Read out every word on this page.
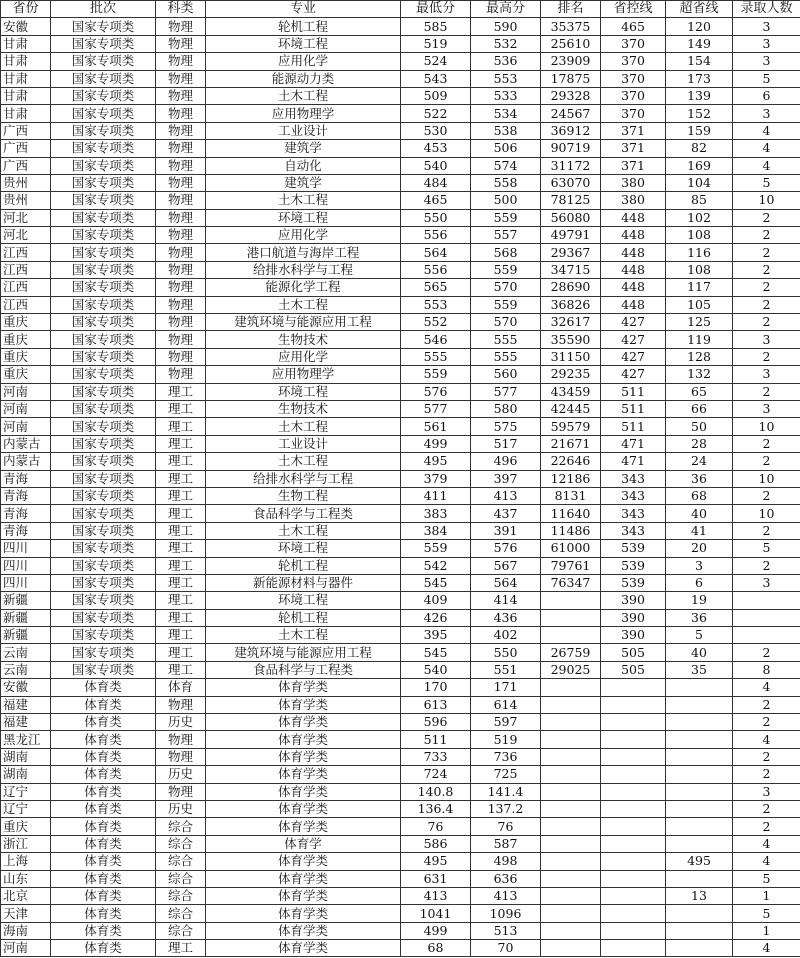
省份	批次	科类	专业	最低分	最高分	排名	省控线	超省线	录取人数
安徽	国家专项类	物理	轮机工程	585	590	35375	465	120	3
甘肃	国家专项类	物理	环境工程	519	532	25610	370	149	3
甘肃	国家专项类	物理	应用化学	524	536	23909	370	154	3
甘肃	国家专项类	物理	能源动力类	543	553	17875	370	173	5
甘肃	国家专项类	物理	土木工程	509	533	29328	370	139	6
甘肃	国家专项类	物理	应用物理学	522	534	24567	370	152	3
广西	国家专项类	物理	工业设计	530	538	36912	371	159	4
广西	国家专项类	物理	建筑学	453	506	90719	371	82	4
广西	国家专项类	物理	自动化	540	574	31172	371	169	4
贵州	国家专项类	物理	建筑学	484	558	63070	380	104	5
贵州	国家专项类	物理	土木工程	465	500	78125	380	85	10
河北	国家专项类	物理	环境工程	550	559	56080	448	102	2
河北	国家专项类	物理	应用化学	556	557	49791	448	108	2
江西	国家专项类	物理	港口航道与海岸工程	564	568	29367	448	116	2
江西	国家专项类	物理	给排水科学与工程	556	559	34715	448	108	2
江西	国家专项类	物理	能源化学工程	565	570	28690	448	117	2
江西	国家专项类	物理	土木工程	553	559	36826	448	105	2
重庆	国家专项类	物理	建筑环境与能源应用工程	552	570	32617	427	125	2
重庆	国家专项类	物理	生物技术	546	555	35590	427	119	3
重庆	国家专项类	物理	应用化学	555	555	31150	427	128	2
重庆	国家专项类	物理	应用物理学	559	560	29235	427	132	3
河南	国家专项类	理工	环境工程	576	577	43459	511	65	2
河南	国家专项类	理工	生物技术	577	580	42445	511	66	3
河南	国家专项类	理工	土木工程	561	575	59579	511	50	10
内蒙古	国家专项类	理工	工业设计	499	517	21671	471	28	2
内蒙古	国家专项类	理工	土木工程	495	496	22646	471	24	2
青海	国家专项类	理工	给排水科学与工程	379	397	12186	343	36	10
青海	国家专项类	理工	生物工程	411	413	8131	343	68	2
青海	国家专项类	理工	食品科学与工程类	383	437	11640	343	40	10
青海	国家专项类	理工	土木工程	384	391	11486	343	41	2
四川	国家专项类	理工	环境工程	559	576	61000	539	20	5
四川	国家专项类	理工	轮机工程	542	567	79761	539	3	2
四川	国家专项类	理工	新能源材料与器件	545	564	76347	539	6	3
新疆	国家专项类	理工	环境工程	409	414		390	19	
新疆	国家专项类	理工	轮机工程	426	436		390	36	
新疆	国家专项类	理工	土木工程	395	402		390	5	
云南	国家专项类	理工	建筑环境与能源应用工程	545	550	26759	505	40	2
云南	国家专项类	理工	食品科学与工程类	540	551	29025	505	35	8
安徽	体育类	体育	体育学类	170	171				4
福建	体育类	物理	体育学类	613	614				2
福建	体育类	历史	体育学类	596	597				2
黑龙江	体育类	物理	体育学类	511	519				4
湖南	体育类	物理	体育学类	733	736				2
湖南	体育类	历史	体育学类	724	725				2
辽宁	体育类	物理	体育学类	140.8	141.4				3
辽宁	体育类	历史	体育学类	136.4	137.2				2
重庆	体育类	综合	体育学类	76	76				2
浙江	体育类	综合	体育学	586	587				4
上海	体育类	综合	体育学类	495	498			495	4
山东	体育类	综合	体育学类	631	636				5
北京	体育类	综合	体育学类	413	413			13	1
天津	体育类	综合	体育学类	1041	1096				5
海南	体育类	综合	体育学类	499	513				1
河南	体育类	理工	体育学类	68	70				4
